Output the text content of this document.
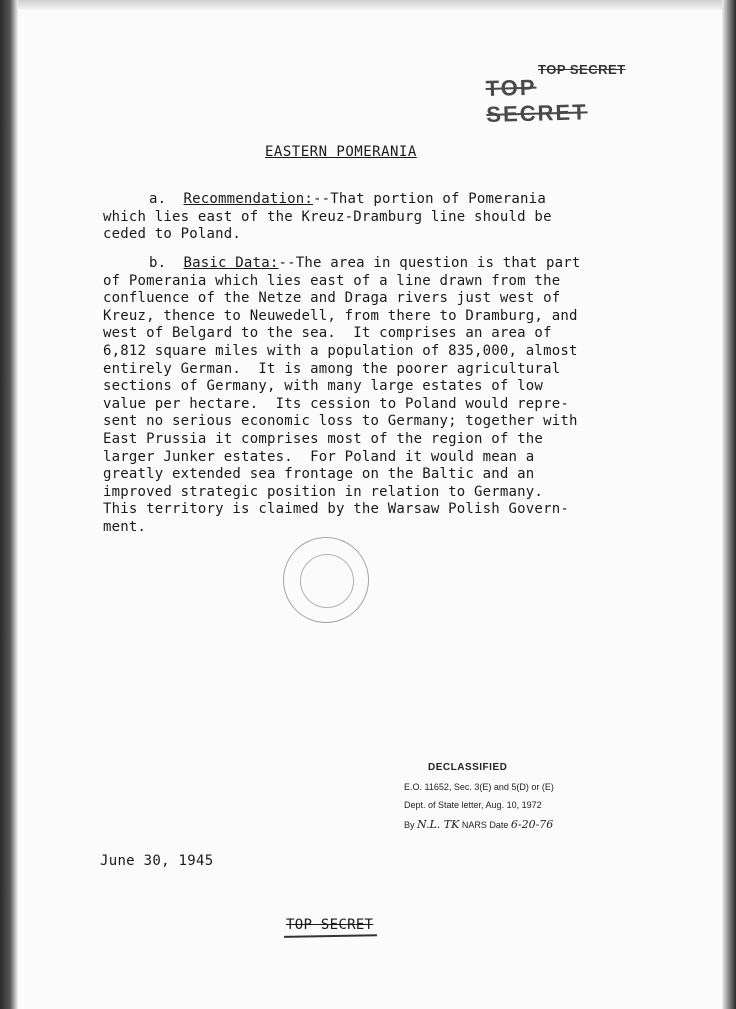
TOP SECRET
TOP SECRET
EASTERN POMERANIA
a. Recommendation:--That portion of Pomerania
which lies east of the Kreuz-Dramburg line should be
ceded to Poland.
b. Basic Data:--The area in question is that part
of Pomerania which lies east of a line drawn from the
confluence of the Netze and Draga rivers just west of
Kreuz, thence to Neuwedell, from there to Dramburg, and
west of Belgard to the sea.  It comprises an area of
6,812 square miles with a population of 835,000, almost
entirely German.  It is among the poorer agricultural
sections of Germany, with many large estates of low
value per hectare.  Its cession to Poland would repre-
sent no serious economic loss to Germany; together with
East Prussia it comprises most of the region of the
larger Junker estates.  For Poland it would mean a
greatly extended sea frontage on the Baltic and an
improved strategic position in relation to Germany.
This territory is claimed by the Warsaw Polish Govern-
ment.
DECLASSIFIED
E.O. 11652, Sec. 3(E) and 5(D) or (E)
Dept. of State letter, Aug. 10, 1972
By N.L. TK NARS Date 6-20-76
June 30, 1945
TOP SECRET
